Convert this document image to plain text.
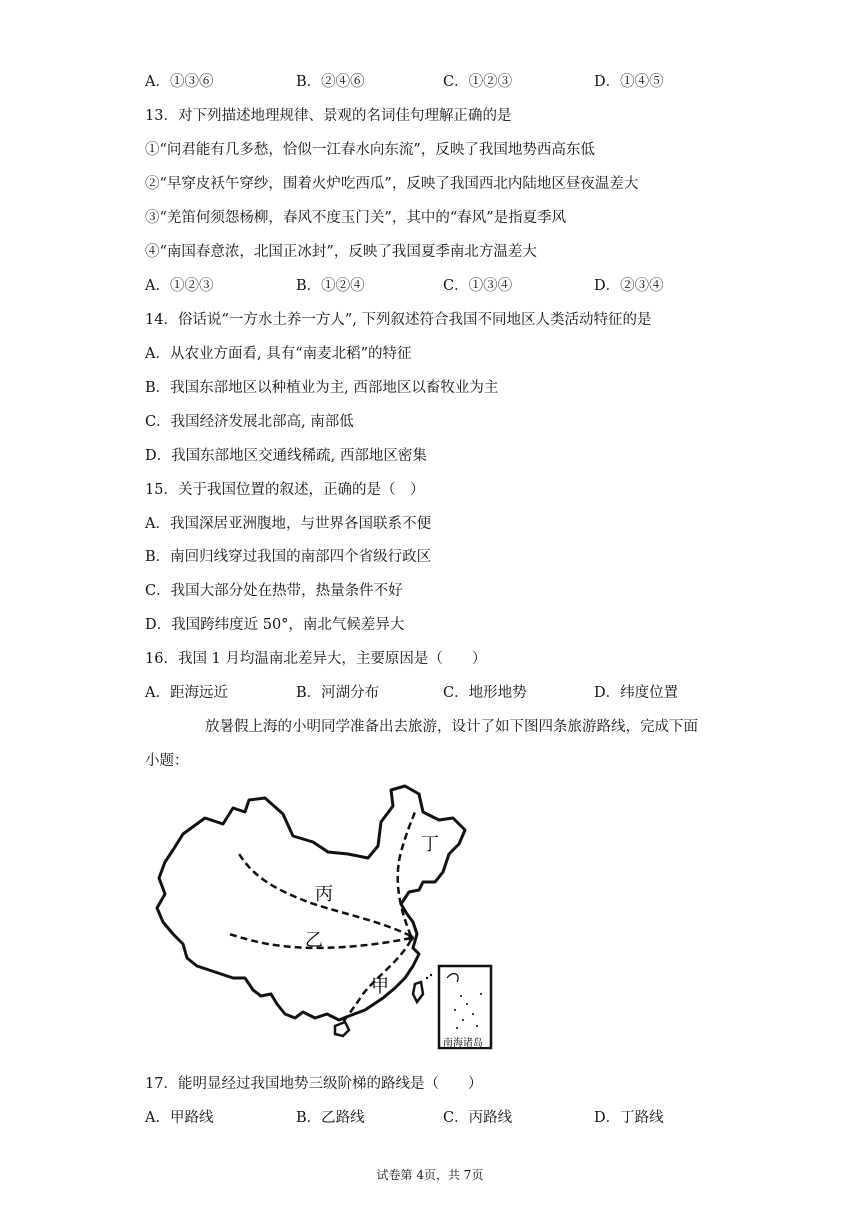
A．①③⑥	B．②④⑥	C．①②③	D．①④⑤
13．对下列描述地理规律、景观的名词佳句理解正确的是
①“问君能有几多愁，恰似一江春水向东流”，反映了我国地势西高东低
②“早穿皮袄午穿纱，围着火炉吃西瓜”，反映了我国西北内陆地区昼夜温差大
③“羌笛何须怨杨柳，春风不度玉门关”，其中的“春风”是指夏季风
④“南国春意浓，北国正冰封”，反映了我国夏季南北方温差大
A．①②③	B．①②④	C．①③④	D．②③④
14．俗话说“一方水土养一方人”, 下列叙述符合我国不同地区人类活动特征的是
A．从农业方面看, 具有“南麦北稻”的特征
B．我国东部地区以种植业为主, 西部地区以畜牧业为主
C．我国经济发展北部高, 南部低
D．我国东部地区交通线稀疏, 西部地区密集
15．关于我国位置的叙述，正确的是（　）
A．我国深居亚洲腹地，与世界各国联系不便
B．南回归线穿过我国的南部四个省级行政区
C．我国大部分处在热带，热量条件不好
D．我国跨纬度近 50°，南北气候差异大
16．我国 1 月均温南北差异大，主要原因是（　　）
A．距海远近	B．河湖分布	C．地形地势	D．纬度位置
放暑假上海的小明同学准备出去旅游，设计了如下图四条旅游路线，完成下面
小题：
丁
丙
乙
甲
南海诸岛
17．能明显经过我国地势三级阶梯的路线是（　　）
A．甲路线	B．乙路线	C．丙路线	D．丁路线
试卷第 4页，共 7页
